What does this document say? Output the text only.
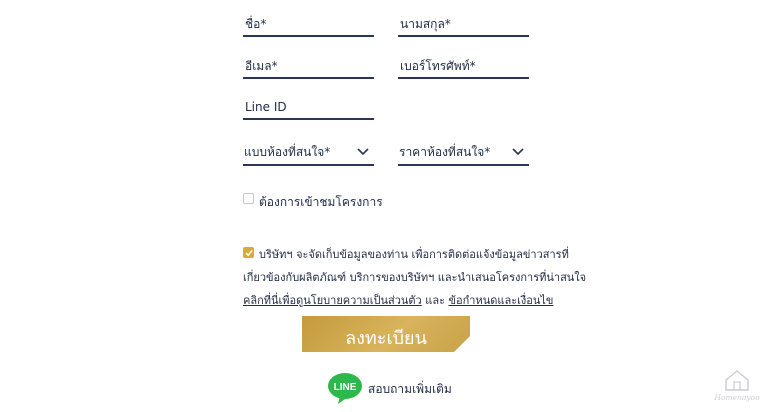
ชื่อ*
นามสกุล*
อีเมล*
เบอร์โทรศัพท์*
Line ID
แบบห้องที่สนใจ*	ราคาห้องที่สนใจ*
ต้องการเข้าชมโครงการ
บริษัทฯ จะจัดเก็บข้อมูลของท่าน เพื่อการติดต่อแจ้งข้อมูลข่าวสารที่
เกี่ยวข้องกับผลิตภัณฑ์ บริการของบริษัทฯ และนำเสนอโครงการที่น่าสนใจ
คลิกที่นี่เพื่อดูนโยบายความเป็นส่วนตัว และ ข้อกำหนดและเงื่อนไข
ลงทะเบียน
LINE สอบถามเพิ่มเติม
Homenayoo
